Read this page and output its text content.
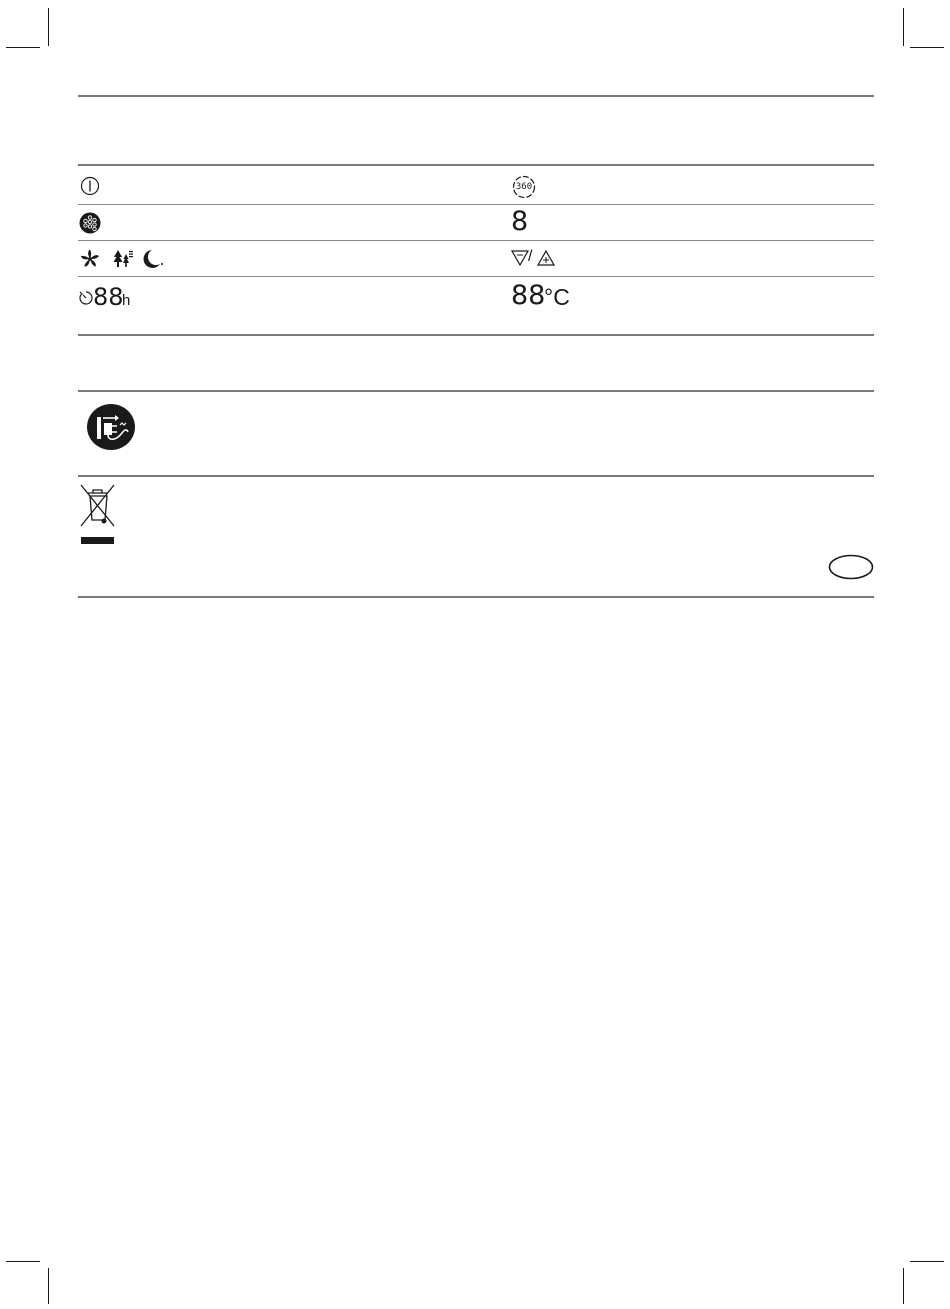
360
8
/
88
h	88
°C
